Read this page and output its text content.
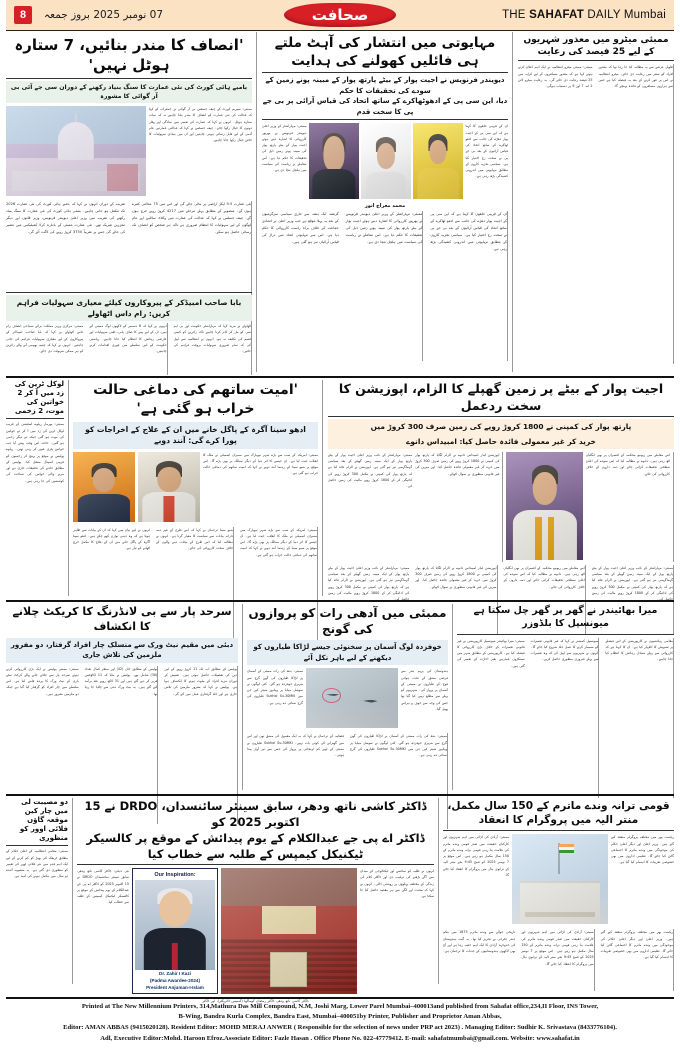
8	07 نومبر 2025 بروز جمعہ	صحافت	THE SAHAFAT DAILY Mumbai
'انصاف کا مندر بنائیں، 7 ستارہ ہوٹل نہیں'
بامبے ہائی کورٹ کی نئی عمارت کا سنگ بنیاد رکھنے کے دوران سی جے آئی بی آر گوائی کا مشورہ
ممبئی: سپریم کورٹ کے چیف جسٹس بی آر گوائی نے جمعرات کو کہا کہ عدالت کی نئی عمارت کو انصاف کا مندر بنانا چاہیے نہ کہ سات ستارہ ہوٹل۔ انہوں نے کہا کہ عمارت کی تعمیر میں سادگی اور وقار دونوں کا خیال رکھا جائے۔ چیف جسٹس نے کہا کہ عدالتی عمارتیں عام آدمی کے لیے قابل رسائی ہونی چاہئیں اور ان میں بنیادی سہولیات کا خاص خیال رکھا جانا چاہیے۔
تقریب کے دوران انہوں نے کہا کہ بامبے ہائی کورٹ کی نئی عمارت 2026 تک مکمل ہو جانی چاہیے۔ بمبئی ہائی کورٹ کی نئی عمارت کا سنگ بنیاد رکھنے کی تقریب میں وزیر اعلیٰ دیویندر فرنویس، وزیر قانون اور دیگر معززین شریک تھے۔ نئی عمارت ممبئی کے بانڈرہ کرلا کمپلیکس میں تعمیر کی جائے گی جس پر تقریباً 3750 کروڑ روپے کی لاگت آئے گی۔
نئی عمارت 9.5 ایکڑ اراضی پر بنائی جائے گی اور اس میں 75 عدالتی کمرے ہوں گے۔ منصوبے کے مطابق پہلے مرحلے میں 4217 کروڑ روپے خرچ ہوں گے۔ چیف جسٹس نے کہا کہ عدالت کی عمارت میں وکلاء، سائلین اور عام لوگوں کے لیے سہولیات کا انتظام ضروری ہے تاکہ ہر شخص کو انصاف تک رسائی حاصل ہو سکے۔
بابا صاحب امبیڈکر کے پیروکاروں کیلئے معیاری سہولیات فراہم کریں: رام داس اٹھاولے
ممبئی: مرکزی وزیر مملکت برائے سماجی انصاف رام داس اٹھاولے نے کہا کہ بابا صاحب امبیڈکر کے پیروکاروں کے لیے معیاری سہولیات فراہم کی جانی چاہئیں۔ انہوں نے کہا کہ چیتیہ بھومی آنے والے زائرین کو ہر ممکن سہولت دی جائے۔
انہوں نے کہا کہ 6 دسمبر کو لاکھوں لوگ ممبئی آتے ہیں، ان کے لیے پینے کا صاف پانی، طبی سہولیات اور عارضی رہائش کا انتظام کیا جانا چاہیے۔ ریاستی حکومت کو اس سلسلے میں فوری اقدامات کرنے چاہئیں۔
اٹھاولے نے مزید کہا کہ مہاراشٹر حکومت اور بی ایم سی کو مل کر کام کرنا چاہیے تاکہ زائرین کو کسی قسم کی تکلیف نہ ہو۔ انہوں نے انتظامیہ سے اپیل کی کہ تمام ضروری سہولیات بروقت فراہم کی جائیں۔
مہایوتی میں انتشار کی آہٹ ملتے ہی فائلیں کھولنے کی ہدایت
دیویندر فرنویس نے اجیت پوار کے بیٹے پارتھ پوار کے مبینہ پونے زمین کے سودے کی تحقیقات کا حکم
دیا، این سی پی کے ادھوٹھاکرے کے ساتھ اتحاد کی قیاس آرائی پر بی جے پی کا سخت قدم
ممبئی: مہاراشٹر کے وزیر اعلیٰ دیویندر فرنویس نے بھرپور کارروائی کا اشارہ دیتے ہوئے اجیت پوار کے بیٹے پارتھ پوار کی مبینہ پونے زمین ڈیل کی تحقیقات کا حکم دیا ہے۔ اس معاملے نے ریاست کی سیاست میں ہلچل مچا دی ہے۔
ان کے قریبی حلقوں کا کہنا ہے کہ این سی پی کے اجیت پوار دھڑے کی جانب سے ادھو ٹھاکرے کے ساتھ اتحاد کی قیاس آرائیوں کے بعد بی جے پی نے سخت رخ اختیار کیا ہے۔ سیاسی تجزیہ کاروں کے مطابق مہایوتی میں اندرونی کشیدگی بڑھ رہی ہے۔
محمد معراج انور
گزشتہ ایک ہفتہ سے جاری سیاسی سرگرمیوں کے بعد یہ پہلا موقع ہے جب وزیر اعلیٰ نے اتحادی جماعت کے خلاف براہ راست کارروائی کا حکم دیا ہے۔ اس سے مہایوتی اتحاد میں دراڑ کی قیاس آرائیاں تیز ہو گئی ہیں۔
ممبئی: مہاراشٹر کے وزیر اعلیٰ دیویندر فرنویس نے بھرپور کارروائی کا اشارہ دیتے ہوئے اجیت پوار کے بیٹے پارتھ پوار کی مبینہ پونے زمین ڈیل کی تحقیقات کا حکم دیا ہے۔ اس معاملے نے ریاست کی سیاست میں ہلچل مچا دی ہے۔
ان کے قریبی حلقوں کا کہنا ہے کہ این سی پی کے اجیت پوار دھڑے کی جانب سے ادھو ٹھاکرے کے ساتھ اتحاد کی قیاس آرائیوں کے بعد بی جے پی نے سخت رخ اختیار کیا ہے۔ سیاسی تجزیہ کاروں کے مطابق مہایوتی میں اندرونی کشیدگی بڑھ رہی ہے۔
ممبئی میٹرو میں معذور شہریوں کے لیے 25 فیصد کی رعایت
ممبئی: ممبئی میٹرو انتظامیہ نے ایک اہم اعلان کرتے ہوئے کہا ہے کہ معذور مسافروں کے لیے کرایہ میں 25 فیصد رعایت دی جائے گی۔ یہ رعایت میٹرو لائن 2 اے، 7 اور 9 پر دستیاب ہوگی۔
طویل عرصے سے یہ مطالبہ کیا جا رہا تھا کہ معذور افراد کو سفر میں رعایت دی جائے۔ میٹرو انتظامیہ نے اس پر غور کرنے کے بعد یہ فیصلہ کیا ہے جس سے ہزاروں مسافروں کو فائدہ پہنچے گا۔
لوکل ٹرین کی زد میں آ کر 2 خواتین کی موت، 2 زخمی
ممبئی: بھرمار ریلوے اسٹیشن کے قریب لوکل ٹرین کی زد میں آ کر دو خواتین کی موت ہو گئی جبکہ دو دیگر زخمی ہو گئیں۔ حادثہ اس وقت پیش آیا جب خواتین پٹری عبور کر رہی تھیں۔ ریلوے پولیس نے موقع پر پہنچ کر زخمیوں کو قریبی اسپتال منتقل کیا۔ پولیس کے مطابق حادثے کی تحقیقات جاری ہے اور مرنے والی خواتین کی شناخت کی کوششیں کی جا رہی ہیں۔
'امیت ساتھم کی دماغی حالت خراب ہو گئی ہے'
ادھو سینا آگرہ کے پاگل خانے میں ان کے علاج کے اخراجات کو پورا کرے گی: آنند دوبے
ممبئی: امریکہ کے سب سے بڑے شہر نیویارک میں ممبران اسمبلی نے ملک کا انقلاب جیت لیا ہے۔ ان جیسے کا اثر دنیا کے دیگر ممالک پر بھی پڑے گا۔ اس موقع پر شیو سینا کے رہنما آنند دوبے نے کہا کہ امیت ساتھم کی دماغی حالت خراب ہو گئی ہے۔
انہوں نے اپنے بیان میں کہا کہ ان کے بیانات سے ظاہر ہوتا ہے کہ وہ ذہنی توازن کھو چکے ہیں۔ ادھو سینا آگرہ کے پاگل خانے میں ان کے علاج کا مکمل خرچ اٹھانے کو تیار ہے۔
شیو سینا ترجمان نے کہا کہ اس طرح کے غیر ذمہ دارانہ بیانات سے سیاست کا معیار گرتا ہے۔ انہوں نے مطالبہ کیا کہ اس طرح کے بیانات دینے والوں کے خلاف سخت کارروائی کی جائے۔
ممبئی: امریکہ کے سب سے بڑے شہر نیویارک میں ممبران اسمبلی نے ملک کا انقلاب جیت لیا ہے۔ ان جیسے کا اثر دنیا کے دیگر ممالک پر بھی پڑے گا۔ اس موقع پر شیو سینا کے رہنما آنند دوبے نے کہا کہ امیت ساتھم کی دماغی حالت خراب ہو گئی ہے۔
اجیت پوار کے بیٹے پر زمین گھپلے کا الزام، اپوزیشن کا سخت ردعمل
پارتھ پوار کی کمپنی نے 1800 کروڑ روپے کی زمین صرف 300 کروڑ میں
خرید کر غیر معمولی فائدہ حاصل کیا: امبیداس دانوے
ممبئی: مہاراشٹر کے نائب وزیر اعلیٰ اجیت پوار کے بیٹے پارتھ پوار کے ایک مبینہ زمین گھپلے کے بعد سیاسی گہماگہمی تیز ہو گئی ہے۔ اپوزیشن نے الزام عائد کیا ہے کہ پارتھ پوار کی کمپنی نے مکمل 300 کروڑ روپے کی ادائیگی کر کے 1800 کروڑ روپے مالیت کی زمین حاصل کی۔
اپوزیشن لیڈر امبیداس دانوے نے الزام لگایا کہ پارتھ پوار کی کمپنی نے 1800 کروڑ روپے کی زمین صرف 300 کروڑ میں خرید کر غیر معمولی فائدہ حاصل کیا۔ اور میرین کی غیر قانونی منظوری پر سوال اٹھائے۔
اس معاملے میں ریونیو محکمہ کے افسران پر بھی انگلیاں اٹھ رہی ہیں۔ دانوے نے مطالبہ کیا کہ اس سودے کی اعلیٰ سطحی تحقیقات کرائی جائے اور ذمہ داروں کے خلاف کارروائی کی جائے۔
ممبئی: مہاراشٹر کے نائب وزیر اعلیٰ اجیت پوار کے بیٹے پارتھ پوار کے ایک مبینہ زمین گھپلے کے بعد سیاسی گہماگہمی تیز ہو گئی ہے۔ اپوزیشن نے الزام عائد کیا ہے کہ پارتھ پوار کی کمپنی نے مکمل 300 کروڑ روپے کی ادائیگی کر کے 1800 کروڑ روپے مالیت کی زمین حاصل کی۔
اپوزیشن لیڈر امبیداس دانوے نے الزام لگایا کہ پارتھ پوار کی کمپنی نے 1800 کروڑ روپے کی زمین صرف 300 کروڑ میں خرید کر غیر معمولی فائدہ حاصل کیا۔ اور میرین کی غیر قانونی منظوری پر سوال اٹھائے۔
اس معاملے میں ریونیو محکمہ کے افسران پر بھی انگلیاں اٹھ رہی ہیں۔ دانوے نے مطالبہ کیا کہ اس سودے کی اعلیٰ سطحی تحقیقات کرائی جائے اور ذمہ داروں کے خلاف کارروائی کی جائے۔
ممبئی: مہاراشٹر کے نائب وزیر اعلیٰ اجیت پوار کے بیٹے پارتھ پوار کے ایک مبینہ زمین گھپلے کے بعد سیاسی گہماگہمی تیز ہو گئی ہے۔ اپوزیشن نے الزام عائد کیا ہے کہ پارتھ پوار کی کمپنی نے مکمل 300 کروڑ روپے کی ادائیگی کر کے 1800 کروڑ روپے مالیت کی زمین حاصل کی۔
سرحد پار سے بی لانڈرنگ کا کریکٹ چلانے کا انکشاف
دبئی میں مقیم نیٹ ورک سے منسلک چار افراد گرفتار، دو مفرور ملزمین کی تلاش جاری
ممبئی: ممبئی پولیس نے ایک بڑی کارروائی کرتے ہوئے سرحد پار سے چلائے جانے والے کرکٹ سٹے بازی کے نیٹ ورک کا پردہ فاش کیا ہے۔ اس سلسلے میں چار افراد کو گرفتار کیا گیا ہے جبکہ دو ملزمین مفرور ہیں۔
پولیس کے مطابق خان (42) اور منظر کمال تعداد (30) شامل تھے۔ پولیس نے بتایا کہ 11 اکاؤنٹس فریز کر دیے گئے ہیں اور 31 لاکھ روپے نقد برآمد کیے گئے ہیں۔ یہ نیٹ ورک دبئی سے چلایا جا رہا تھا۔
پولیس کے مطابق اب تک 11 کروڑ روپے کے لین دین کی تفصیلات حاصل ہوئی ہیں۔ تفتیش کے دوران مزید افراد کے ملوث ہونے کا انکشاف ہوا ہے۔ پولیس نے کہا کہ مفرور ملزمین کی تلاش جاری ہے اور جلد گرفتاری عمل میں آئے گی۔
ممبئی میں آدھی رات کو پروازوں کی گونج
خوفزدہ لوگ آسمان پر سخنوئی جیسے لڑاکا طیاروں کو دیکھنے کے لیے باہر نکل آئے
ممبئی: بدھ کی رات ممبئی کے آسمان پر لڑاکا طیاروں کی گھن گرج سے شہری خوفزدہ ہو گئے۔ کئی لوگوں نے سوشل میڈیا پر ویڈیوز شیئر کیں جن میں Sukhoi Su-30MKI طیاروں کی گرج سنائی دے رہی ہے۔
ہندوستان کی پریم بندر سے فرضی مشق کے تحت ہوائی فوج کے طیاروں نے ممبئی کے آسمان پر پرواز کی۔ شہریوں کو پہلے سے مطلع نہیں کیا گیا تھا جس کی وجہ سے خوف و ہراس پھیل گیا۔
فضائیہ کے ترجمان نے کہا کہ یہ ایک معمول کی مشق تھی اور اس میں گھبرانے کی کوئی بات نہیں۔ Sukhoi Su-30MKI طیاروں نے ممبئی کے اوپر کم اونچائی پر پرواز کی جس سے تیز آواز پیدا ہوئی۔
ممبئی: بدھ کی رات ممبئی کے آسمان پر لڑاکا طیاروں کی گھن گرج سے شہری خوفزدہ ہو گئے۔ کئی لوگوں نے سوشل میڈیا پر ویڈیوز شیئر کیں جن میں Sukhoi Su-30MKI طیاروں کی گرج سنائی دے رہی ہے۔
میرا بھائیندر نے گھر پر گھر چل سکتا ہے میونسپل کا بلڈوزر
ممبئی: میرا بھائیندر میونسپل کارپوریشن نے غیر قانونی تعمیرات کے خلاف بڑی کارروائی کا فیصلہ کیا ہے۔ کارپوریشن کے مطابق شہر میں سینکڑوں عمارتیں بغیر اجازت کے تعمیر کی گئی ہیں۔
میونسپل کمشنر نے کہا کہ غیر قانونی تعمیرات کو مسمار کرنے کا عمل جلد شروع کیا جائے گا۔ انہوں نے شہریوں سے اپیل کی کہ وہ تعمیرات سے پہلے ضروری منظوری حاصل کریں۔
مقامی رہائشیوں نے کارپوریشن کے اس فیصلے پر تشویش کا اظہار کیا ہے۔ ان کا کہنا ہے کہ کارروائی سے پہلے متبادل رہائش کا انتظام کیا جانا چاہیے۔
دو مصیبت لی میں چار کین موقعہ گاؤں فلائی اوور کو منظوری
ممبئی: مقامی انتظامیہ کے اعلیٰ حکام کے مطابق ٹریفک کی بھیڑ کو کم کرنے کے لیے ایک اہم قدم میں نئی فلائی اوور کی تعمیر کو منظوری دی گئی ہے۔ یہ منصوبہ آئندہ دو سال میں مکمل ہونے کی امید ہے۔
ڈاکٹر کاشی ناتھ ودھر، سابق سینئر سائنسدان، DRDO نے 15 اکتوبر 2025 کو
ڈاکٹر اے پی جے عبدالکلام کے یوم پیدائش کے موقع پر کالسیکر ٹیکنیکل کیمپس کے طلبہ سے خطاب کیا
نئی دہلی: ڈاکٹر کاشی ناتھ ودھر، سابق سینئر سائنسدان DRDO نے 15 اکتوبر 2025 کو ڈاکٹر اے پی جے عبدالکلام کے یوم پیدائش کے موقع پر کالسیکر ٹیکنیکل کیمپس کے طلبہ سے خطاب کیا۔
Our Inspiration:
Dr. Zahir I Kazi
(Padma Awardee-2024)
President Anjuman-I-Islam
انہوں نے طلبہ کو سائنس اور ٹیکنالوجی کے میدان میں آگے بڑھنے کی ترغیب دی اور ڈاکٹر کلام کی زندگی کے مختلف پہلوؤں پر روشنی ڈالی۔ انہوں نے کہا کہ محنت اور لگن سے ہر مقصد حاصل کیا جا سکتا ہے۔
ڈاکٹر کاشی ناتھ ودھر، ڈاکٹر رمضان کھماکھا (کیمپس ڈائریکٹر)، اور ڈاکٹر
قومی ترانہ وندے ماترم کے 150 سال مکمل، منتر الیہ میں پروگرام کا انعقاد
ممبئی: آزادی کی لڑائی میں اہم شہریوں اور کارکنان حقیقت میں صدر قومی وندے ماترم کی علامت بنا رہی قومی ترانہ وندے ماترم کے 150 سال مکمل ہو رہے ہیں۔ اس موقع پر 7 نومبر 2025 کو صبح 9:45 بجے منتر الیہ کے ترانوی ہال میں پروگرام کا انعقاد کیا جائے گا۔
ریاست بھر میں مختلف پروگرام منعقد کیے گئے ہیں۔ وزیر اعلیٰ اور دیگر اعلیٰ حکام کی موجودگی میں وندے ماترم کا اجتماعی گائن کیا جائے گا۔ تعلیمی اداروں میں بھی خصوصی تقریبات کا اہتمام کیا گیا ہے۔
تاریخی حوالے سے وندے ماترم 1875 میں بنکم چندر چٹرجی نے تحریر کیا تھا۔ یہ گیت ہندوستان کی جدوجہد آزادی کا ایک اہم حصہ رہا ہے اور آج بھی لاکھوں ہندوستانیوں کے جذبات کا ترجمان ہے۔
ممبئی: آزادی کی لڑائی میں اہم شہریوں اور کارکنان حقیقت میں صدر قومی وندے ماترم کی علامت بنا رہی قومی ترانہ وندے ماترم کے 150 سال مکمل ہو رہے ہیں۔ اس موقع پر 7 نومبر 2025 کو صبح 9:45 بجے منتر الیہ کے ترانوی ہال میں پروگرام کا انعقاد کیا جائے گا۔
ریاست بھر میں مختلف پروگرام منعقد کیے گئے ہیں۔ وزیر اعلیٰ اور دیگر اعلیٰ حکام کی موجودگی میں وندے ماترم کا اجتماعی گائن کیا جائے گا۔ تعلیمی اداروں میں بھی خصوصی تقریبات کا اہتمام کیا گیا ہے۔
Printed at The New Millennium Printers, 314,Mathura Das Mill Compound, N.M, Joshi Marg, Lower Parel Mumbai–400013and published from Sahafat office,234,II Floor, INS Tower,
B-Wing, Bandra Kurla Complex, Bandra East, Mumbai–400051by Printer, Publisher and Proprietor Aman Abbas,
Editor: AMAN ABBAS (9415020128). Resident Editor: MOHD MERAJ ANWER ( Responsible for the selection of news under PRP act 2023) . Managing Editor: Sudhir K. Srivastava (8433776104).
Adl, Executive Editor:Mohd. Haroon Efroz.Associate Editor: Fazle Hasan . Office Phone No. 022-47779412. E-mail: sahafatmumbai@gmail.com. Website: www.sahafat.in
